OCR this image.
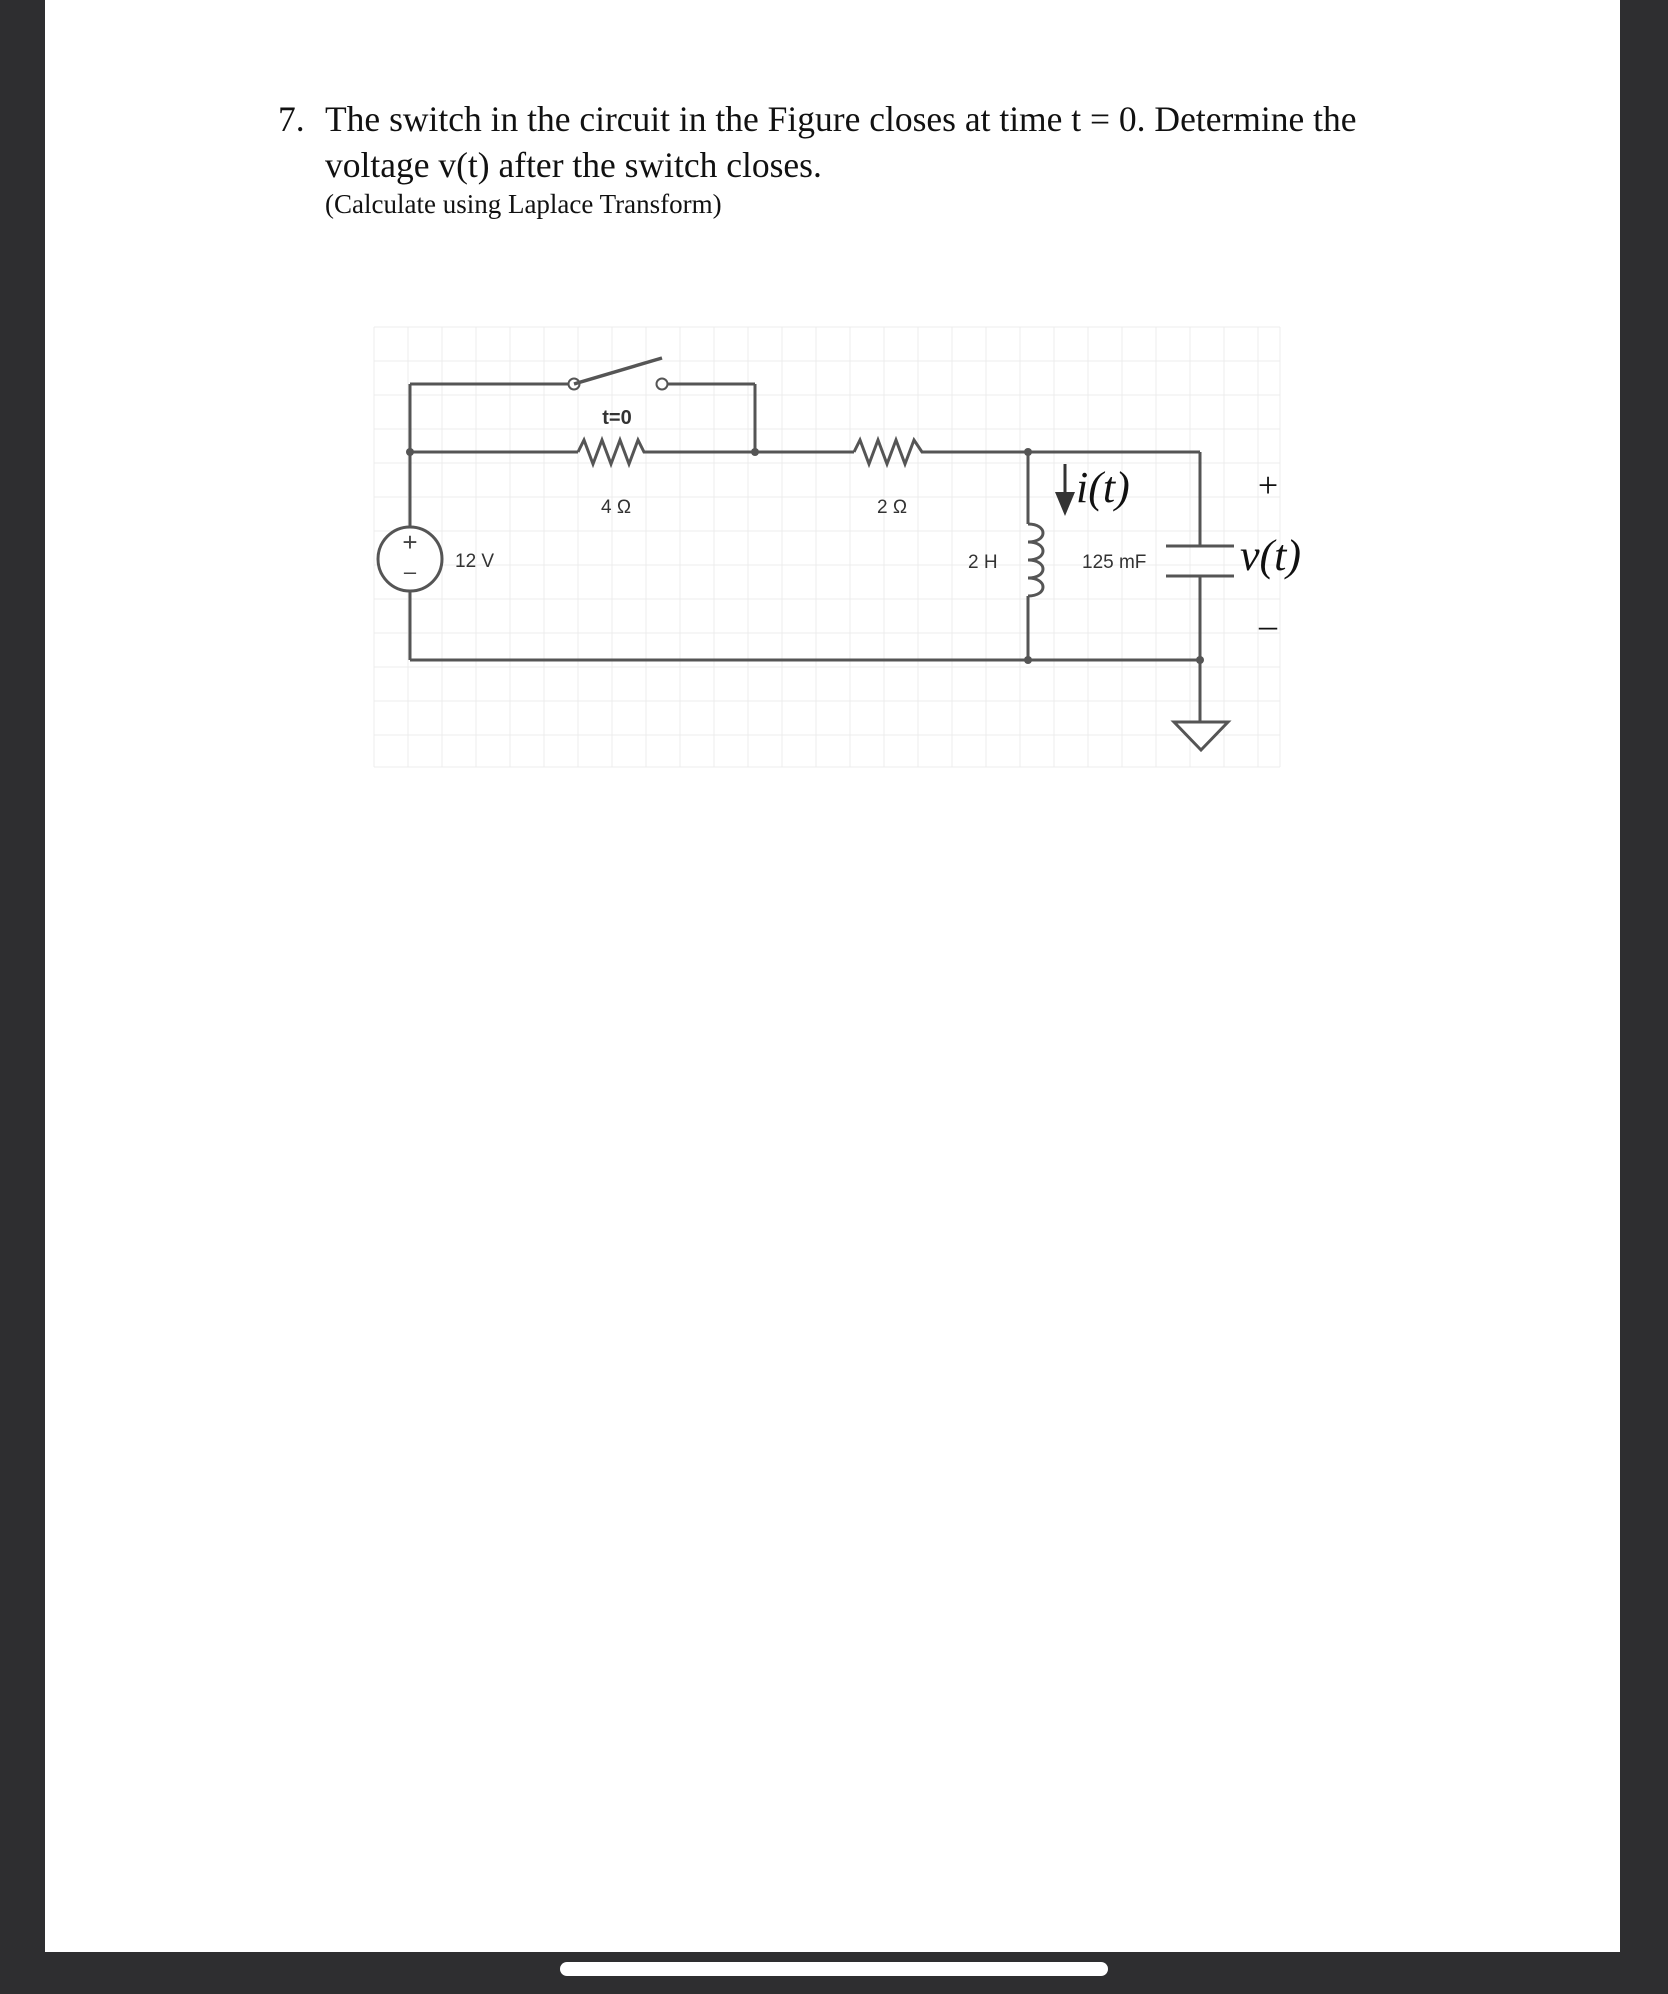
7. The switch in the circuit in the Figure closes at time t = 0. Determine the
voltage v(t) after the switch closes.
(Calculate using Laplace Transform)
t=0
4 Ω	2 Ω
+
– 12 V	2 H
i(t)
125 mF
+
v(t)
–
